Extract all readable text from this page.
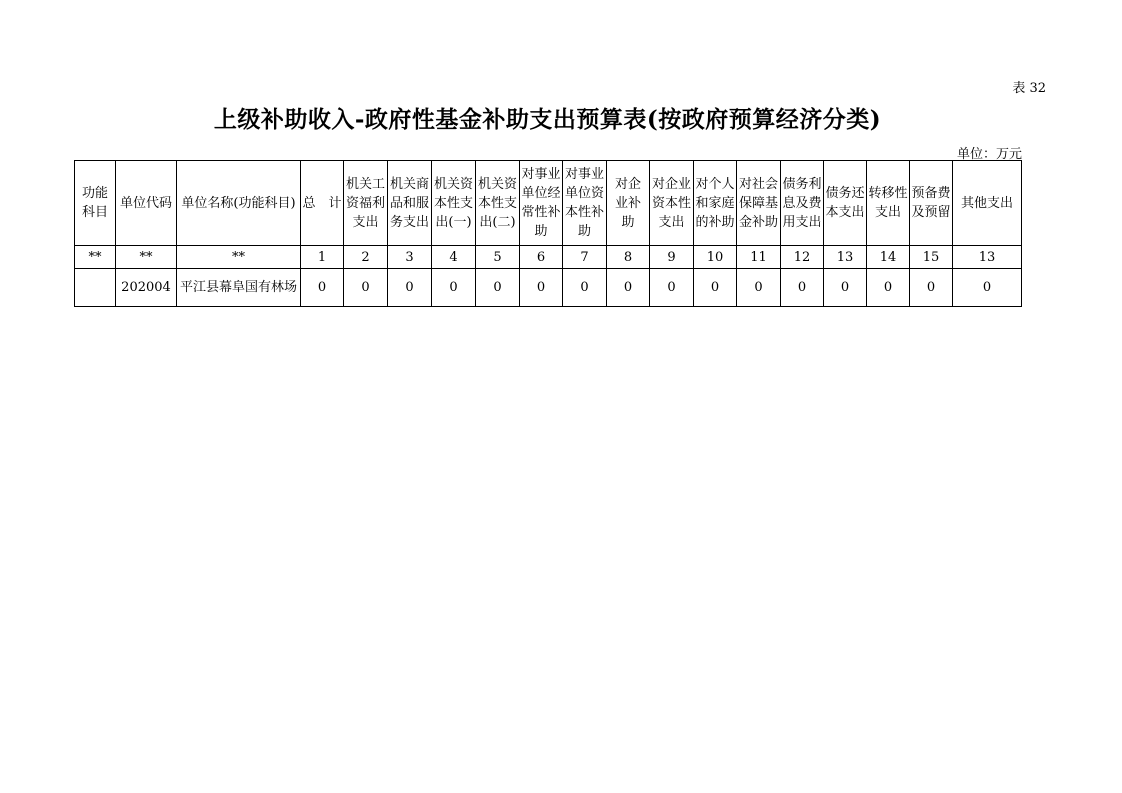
表 32
上级补助收入-政府性基金补助支出预算表(按政府预算经济分类)
单位：万元
功能科目	单位代码	单位名称(功能科目)	总　计	机关工资福利支出	机关商品和服务支出	机关资本性支出(一)	机关资本性支出(二)	对事业单位经常性补助	对事业单位资本性补助	对企业补助	对企业资本性支出	对个人和家庭的补助	对社会保障基金补助	债务利息及费用支出	债务还本支出	转移性支出	预备费及预留	其他支出
**	**	**	1	2	3	4	5	6	7	8	9	10	11	12	13	14	15	13
	202004	平江县幕阜国有林场	0	0	0	0	0	0	0	0	0	0	0	0	0	0	0	0
